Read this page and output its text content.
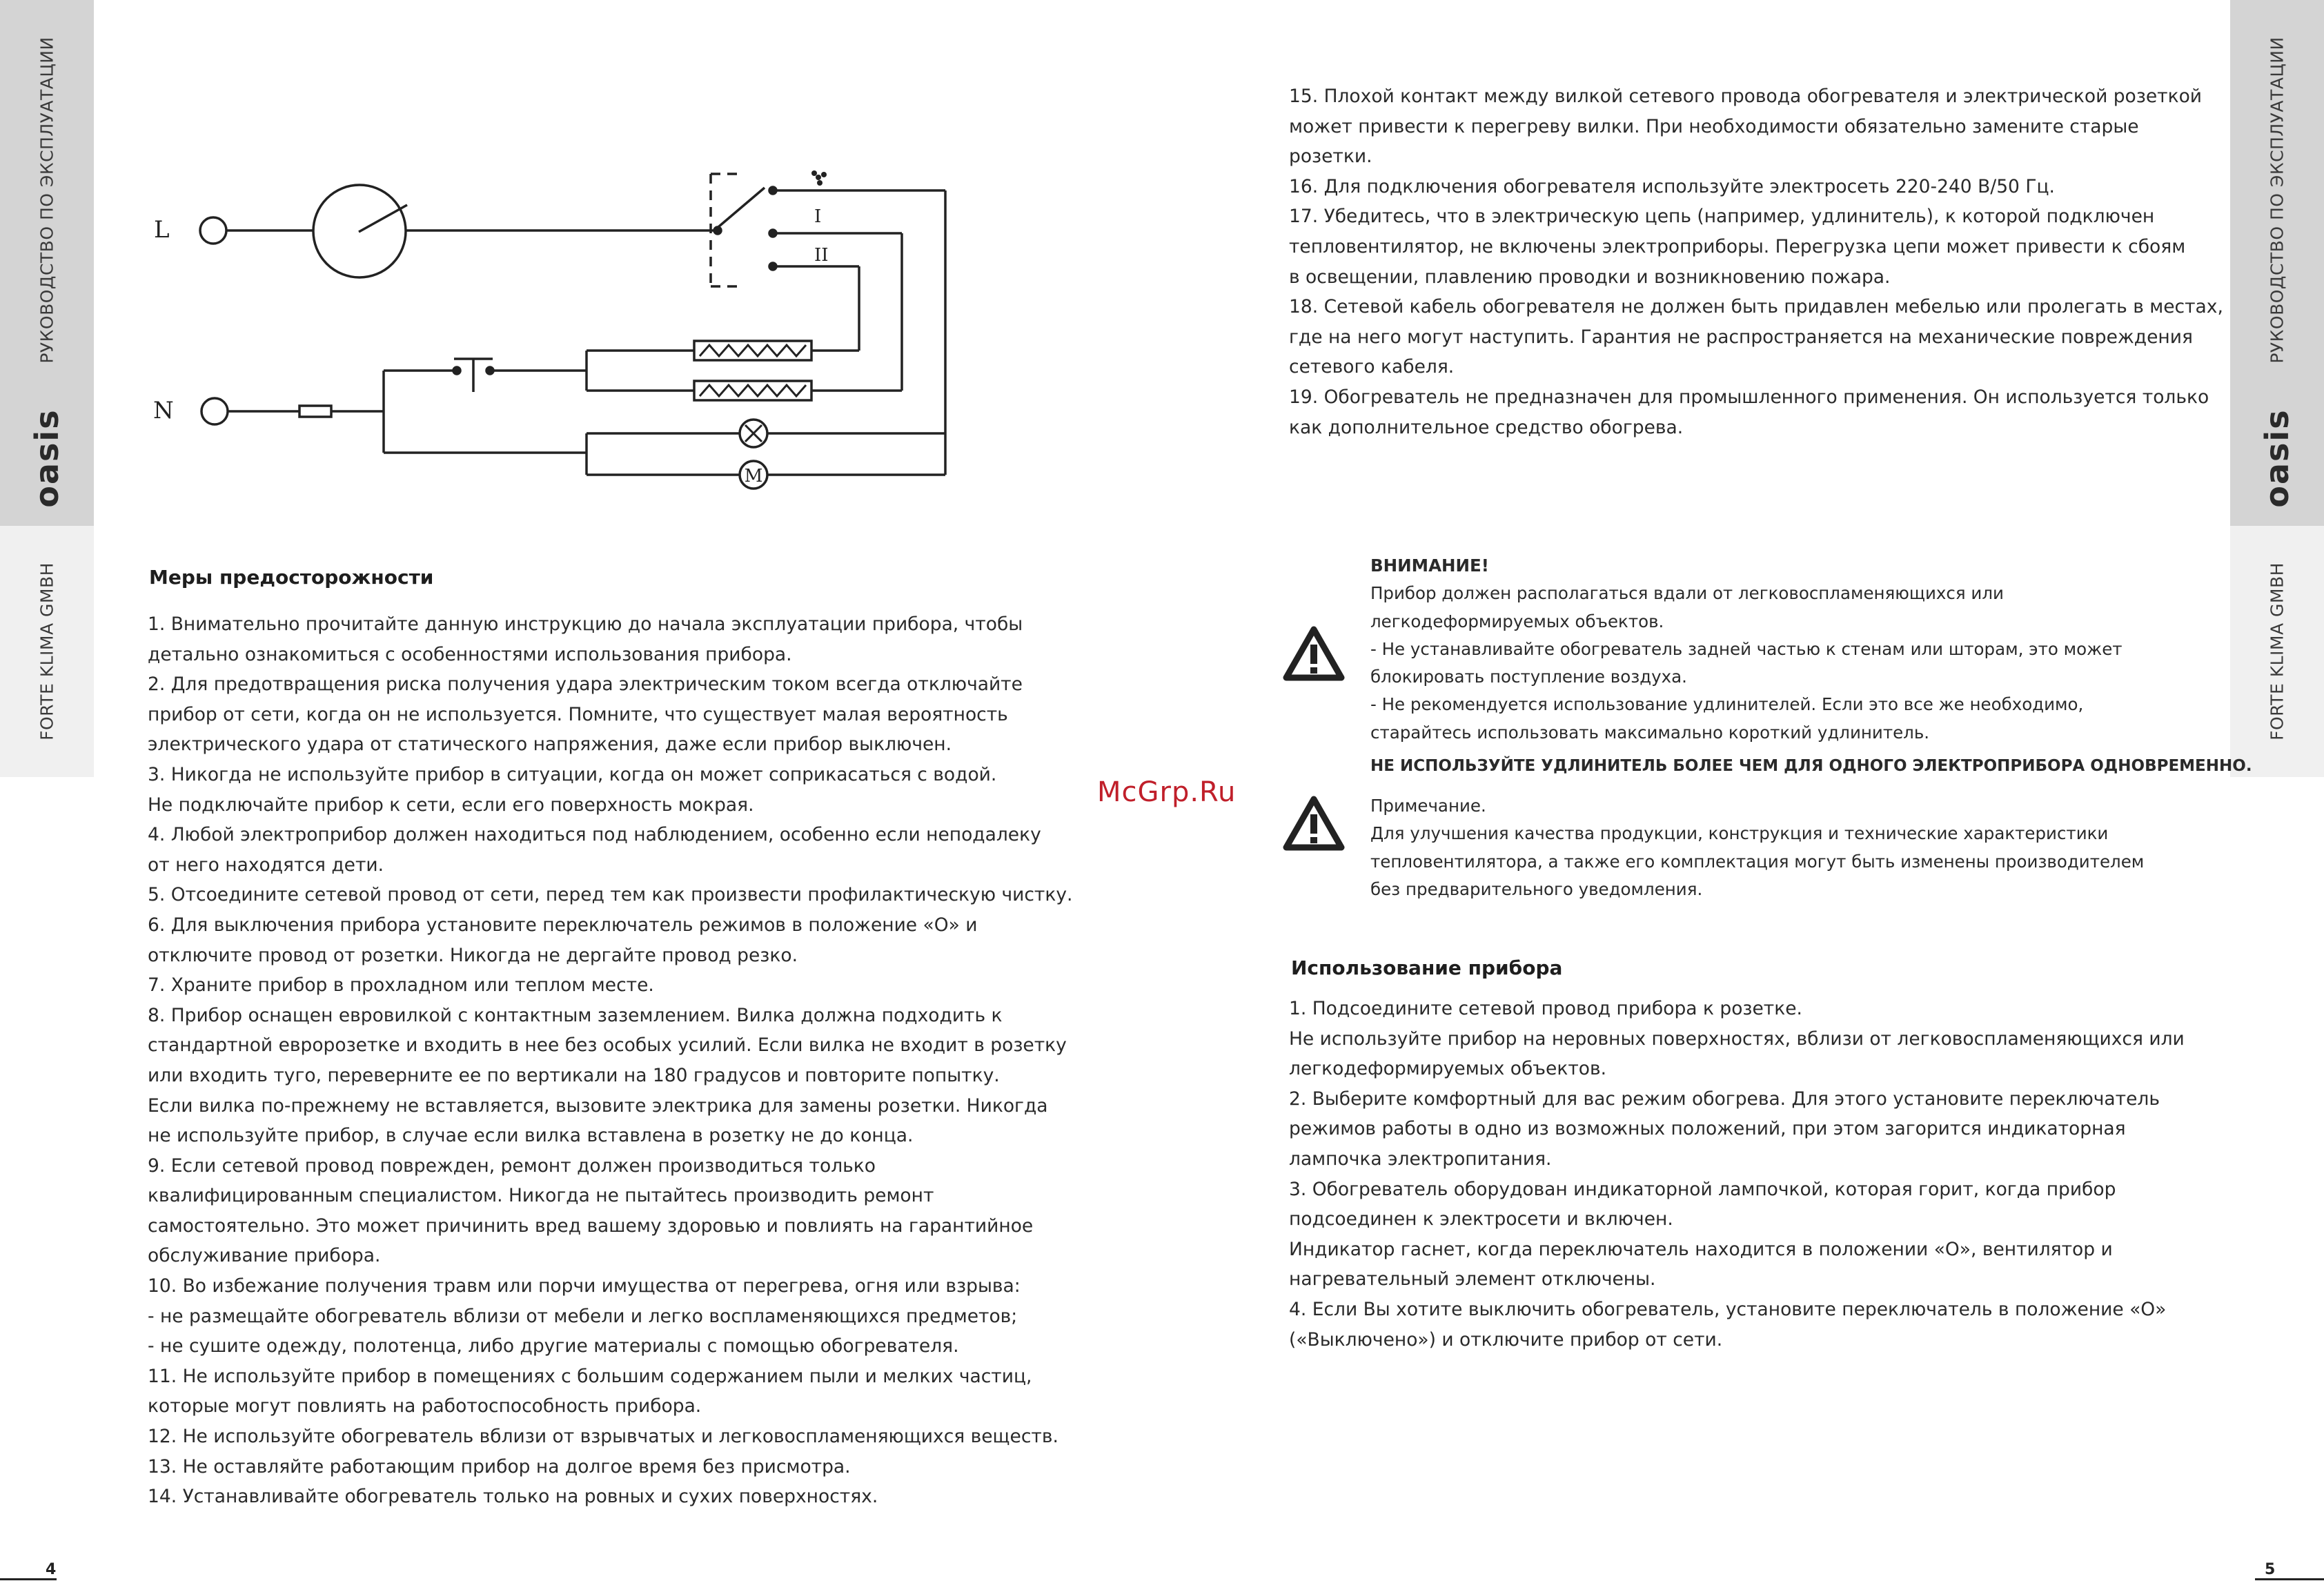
РУКОВОДСТВО ПО ЭКСПЛУАТАЦИИ
oasis
FORTE KLIMA GMBH
РУКОВОДСТВО ПО ЭКСПЛУАТАЦИИ
oasis
FORTE KLIMA GMBH
4	5
L
N
I
II
M
McGrp.Ru
Меры предосторожности

1. Внимательно прочитайте данную инструкцию до начала эксплуатации прибора, чтобы

детально ознакомиться с особенностями использования прибора.

2. Для предотвращения риска получения удара электрическим током всегда отключайте

прибор от сети, когда он не используется. Помните, что существует малая вероятность

электрического удара от статического напряжения, даже если прибор выключен.

3. Никогда не используйте прибор в ситуации, когда он может соприкасаться с водой.

Не подключайте прибор к сети, если его поверхность мокрая.

4. Любой электроприбор должен находиться под наблюдением, особенно если неподалеку

от него находятся дети.

5. Отсоедините сетевой провод от сети, перед тем как произвести профилактическую чистку.

6. Для выключения прибора установите переключатель режимов в положение «О» и

отключите провод от розетки. Никогда не дергайте провод резко.

7. Храните прибор в прохладном или теплом месте.

8. Прибор оснащен евровилкой с контактным заземлением. Вилка должна подходить к

стандартной евророзетке и входить в нее без особых усилий. Если вилка не входит в розетку

или входить туго, переверните ее по вертикали на 180 градусов и повторите попытку.

Если вилка по-прежнему не вставляется, вызовите электрика для замены розетки. Никогда

не используйте прибор, в случае если вилка вставлена в розетку не до конца.

9. Если сетевой провод поврежден, ремонт должен производиться только

квалифицированным специалистом. Никогда не пытайтесь производить ремонт

самостоятельно. Это может причинить вред вашему здоровью и повлиять на гарантийное

обслуживание прибора.

10. Во избежание получения травм или порчи имущества от перегрева, огня или взрыва:

- не размещайте обогреватель вблизи от мебели и легко воспламеняющихся предметов;

- не сушите одежду, полотенца, либо другие материалы с помощью обогревателя.

11. Не используйте прибор в помещениях с большим содержанием пыли и мелких частиц,

которые могут повлиять на работоспособность прибора.

12. Не используйте обогреватель вблизи от взрывчатых и легковоспламеняющихся веществ.

13. Не оставляйте работающим прибор на долгое время без присмотра.

14. Устанавливайте обогреватель только на ровных и сухих поверхностях.

15. Плохой контакт между вилкой сетевого провода обогревателя и электрической розеткой

может привести к перегреву вилки. При необходимости обязательно замените старые

розетки.

16. Для подключения обогревателя используйте электросеть 220-240 В/50 Гц.

17. Убедитесь, что в электрическую цепь (например, удлинитель), к которой подключен

тепловентилятор, не включены электроприборы. Перегрузка цепи может привести к сбоям

в освещении, плавлению проводки и возникновению пожара.

18. Сетевой кабель обогревателя не должен быть придавлен мебелью или пролегать в местах,

где на него могут наступить. Гарантия не распространяется на механические повреждения

сетевого кабеля.

19. Обогреватель не предназначен для промышленного применения. Он используется только

как дополнительное средство обогрева.

ВНИМАНИЕ!

Прибор должен располагаться вдали от легковоспламеняющихся или

легкодеформируемых объектов.

- Не устанавливайте обогреватель задней частью к стенам или шторам, это может

блокировать поступление воздуха.

- Не рекомендуется использование удлинителей. Если это все же необходимо,

старайтесь использовать максимально короткий удлинитель.

НЕ ИСПОЛЬЗУЙТЕ УДЛИНИТЕЛЬ БОЛЕЕ ЧЕМ ДЛЯ ОДНОГО ЭЛЕКТРОПРИБОРА ОДНОВРЕМЕННО.

Примечание.

Для улучшения качества продукции, конструкция и технические характеристики

тепловентилятора, а также его комплектация могут быть изменены производителем

без предварительного уведомления.

Использование прибора

1. Подсоедините сетевой провод прибора к розетке.

Не используйте прибор на неровных поверхностях, вблизи от легковоспламеняющихся или

легкодеформируемых объектов.

2. Выберите комфортный для вас режим обогрева. Для этого установите переключатель

режимов работы в одно из возможных положений, при этом загорится индикаторная

лампочка электропитания.

3. Обогреватель оборудован индикаторной лампочкой, которая горит, когда прибор

подсоединен к электросети и включен.

Индикатор гаснет, когда переключатель находится в положении «О», вентилятор и

нагревательный элемент отключены.

4. Если Вы хотите выключить обогреватель, установите переключатель в положение «О»

(«Выключено») и отключите прибор от сети.
